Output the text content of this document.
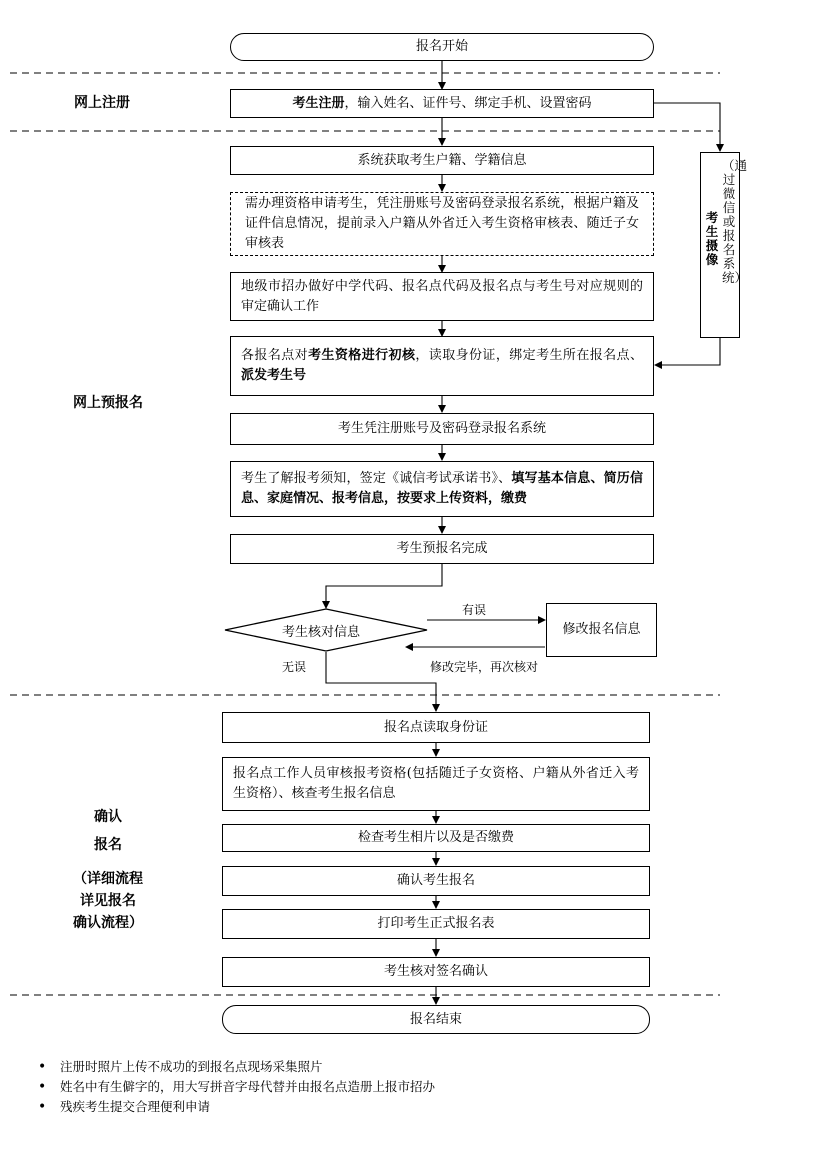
网上注册
网上预报名
确认
报名
（详细流程
详见报名
确认流程）
报名开始
考生注册，输入姓名、证件号、绑定手机、设置密码
系统获取考生户籍、学籍信息
需办理资格申请考生，凭注册账号及密码登录报名系统，根据户籍及证件信息情况，提前录入户籍从外省迁入考生资格审核表、随迁子女审核表
地级市招办做好中学代码、报名点代码及报名点与考生号对应规则的审定确认工作
各报名点对考生资格进行初核，读取身份证，绑定考生所在报名点、派发考生号
考生凭注册账号及密码登录报名系统
考生了解报考须知，签定《诚信考试承诺书》、填写基本信息、简历信息、家庭情况、报考信息，按要求上传资料，缴费
考生预报名完成
考生核对信息	修改报名信息
有误
修改完毕，再次核对
无误
报名点读取身份证
报名点工作人员审核报考资格(包括随迁子女资格、户籍从外省迁入考生资格）、核查考生报名信息
检查考生相片以及是否缴费
确认考生报名
打印考生正式报名表
考生核对签名确认
报名结束
考生摄像
（通过微信或报名系统）
• 注册时照片上传不成功的到报名点现场采集照片
• 姓名中有生僻字的，用大写拼音字母代替并由报名点造册上报市招办
• 残疾考生提交合理便利申请
